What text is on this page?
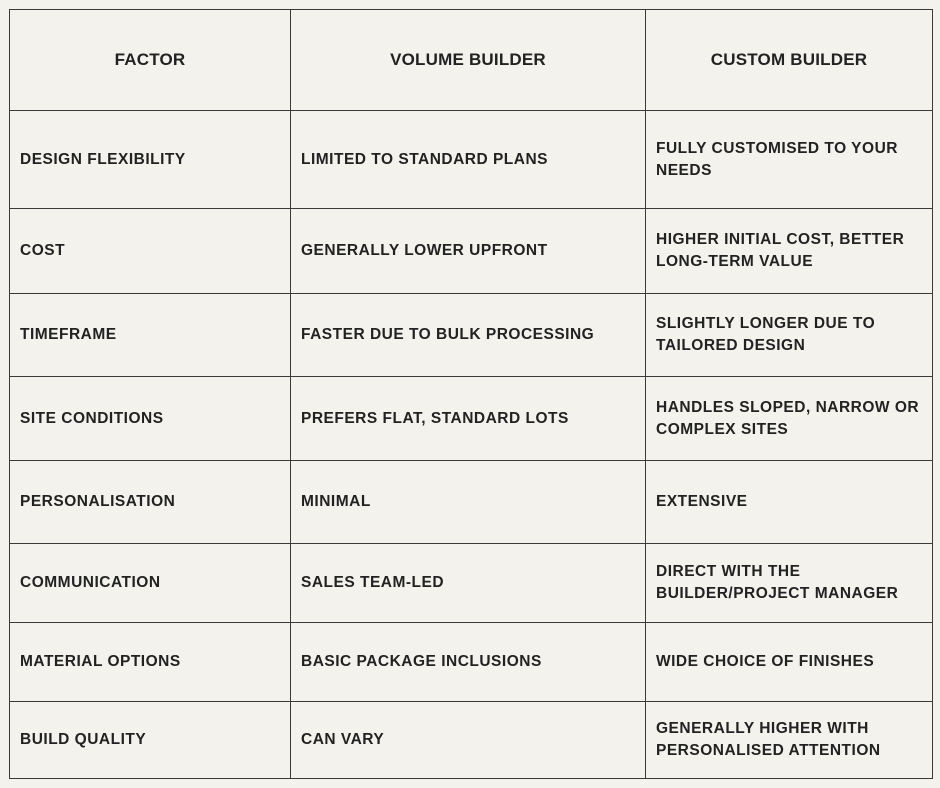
FACTOR	VOLUME BUILDER	CUSTOM BUILDER
DESIGN FLEXIBILITY	LIMITED TO STANDARD PLANS	FULLY CUSTOMISED TO YOUR NEEDS
COST	GENERALLY LOWER UPFRONT	HIGHER INITIAL COST, BETTER LONG-TERM VALUE
TIMEFRAME	FASTER DUE TO BULK PROCESSING	SLIGHTLY LONGER DUE TO TAILORED DESIGN
SITE CONDITIONS	PREFERS FLAT, STANDARD LOTS	HANDLES SLOPED, NARROW OR COMPLEX SITES
PERSONALISATION	MINIMAL	EXTENSIVE
COMMUNICATION	SALES TEAM-LED	DIRECT WITH THE BUILDER/PROJECT MANAGER
MATERIAL OPTIONS	BASIC PACKAGE INCLUSIONS	WIDE CHOICE OF FINISHES
BUILD QUALITY	CAN VARY	GENERALLY HIGHER WITH PERSONALISED ATTENTION
